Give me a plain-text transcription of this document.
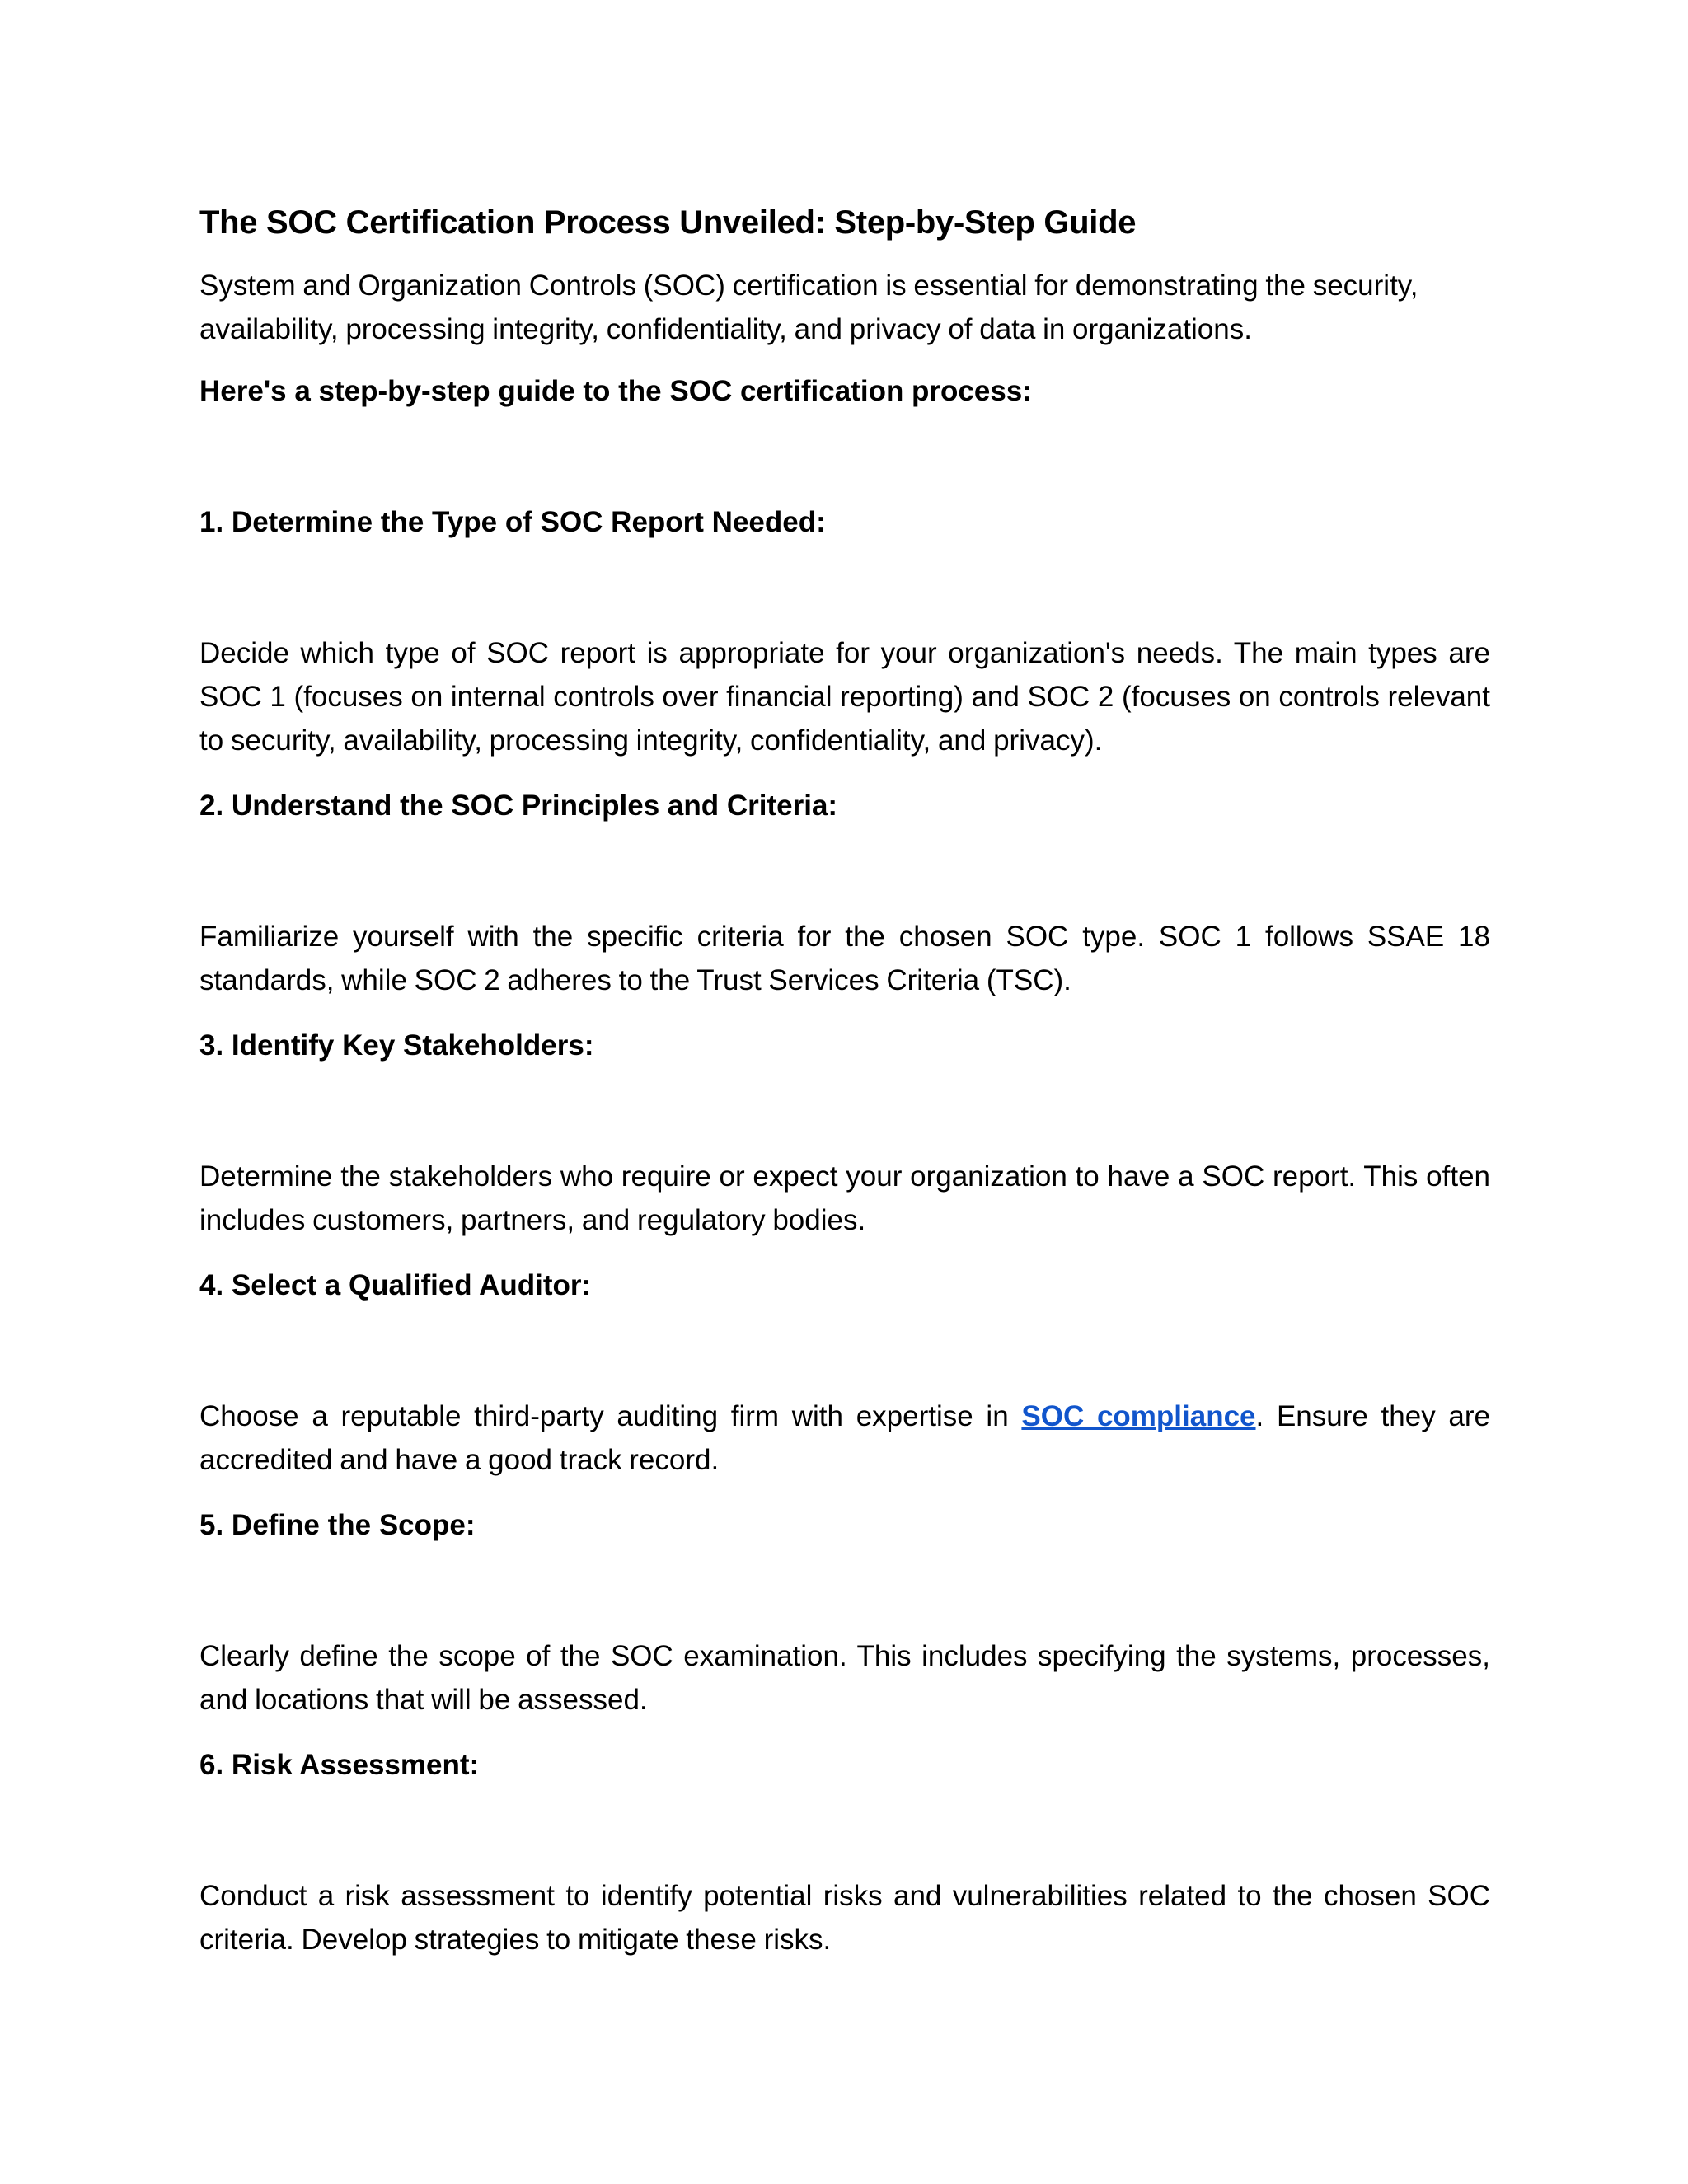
The SOC Certification Process Unveiled: Step-by-Step Guide

System and Organization Controls (SOC) certification is essential for demonstrating the security, availability, processing integrity, confidentiality, and privacy of data in organizations.

Here's a step-by-step guide to the SOC certification process:

1. Determine the Type of SOC Report Needed:

Decide which type of SOC report is appropriate for your organization's needs. The main types are SOC 1 (focuses on internal controls over financial reporting) and SOC 2 (focuses on controls relevant to security, availability, processing integrity, confidentiality, and privacy).

2. Understand the SOC Principles and Criteria:

Familiarize yourself with the specific criteria for the chosen SOC type. SOC 1 follows SSAE 18 standards, while SOC 2 adheres to the Trust Services Criteria (TSC).

3. Identify Key Stakeholders:

Determine the stakeholders who require or expect your organization to have a SOC report. This often includes customers, partners, and regulatory bodies.

4. Select a Qualified Auditor:

Choose a reputable third-party auditing firm with expertise in SOC compliance. Ensure they are accredited and have a good track record.

5. Define the Scope:

Clearly define the scope of the SOC examination. This includes specifying the systems, processes, and locations that will be assessed.

6. Risk Assessment:

Conduct a risk assessment to identify potential risks and vulnerabilities related to the chosen SOC criteria. Develop strategies to mitigate these risks.
